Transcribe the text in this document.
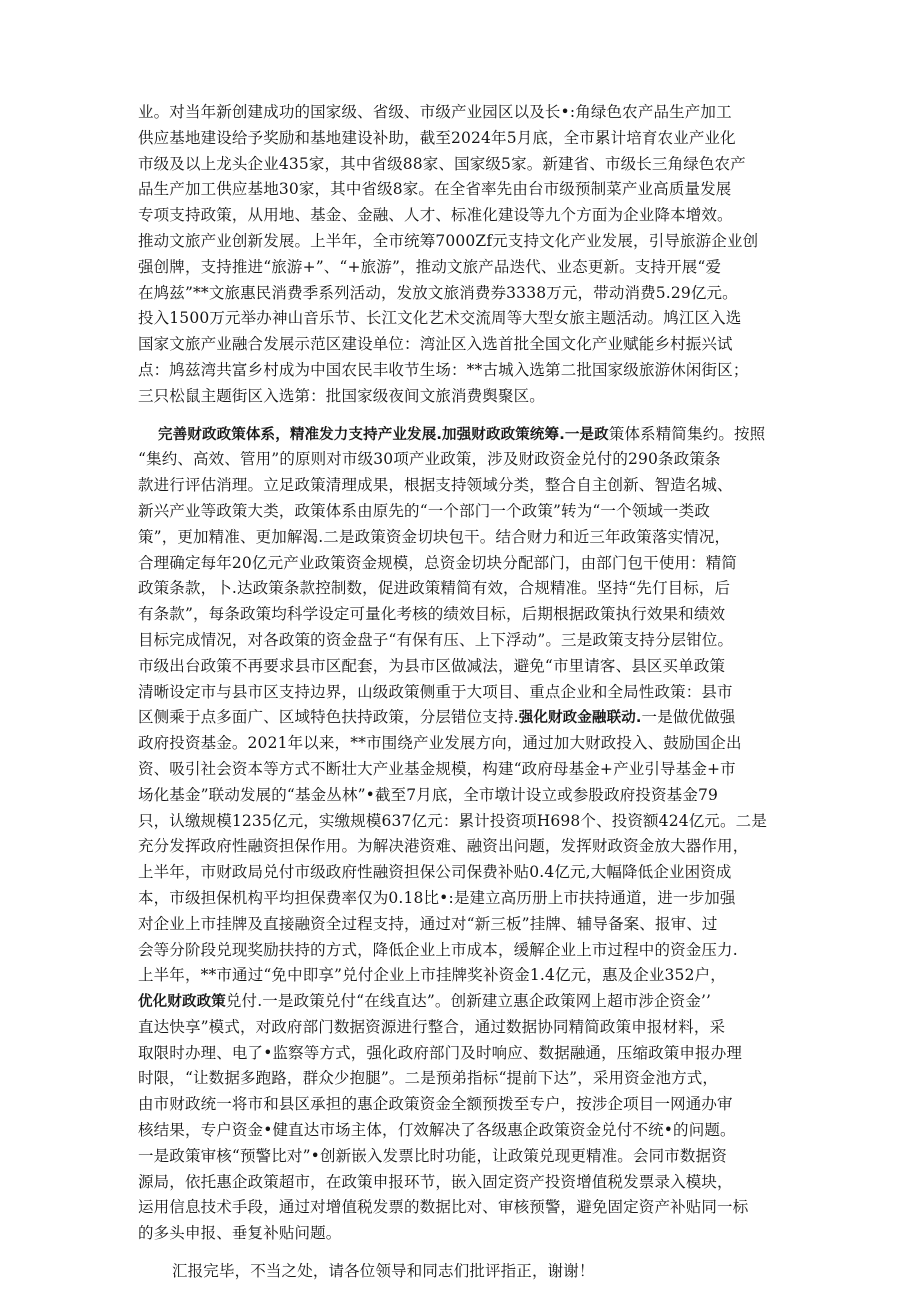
业。对当年新创建成功的国家级、省级、市级产业园区以及长•:角绿色农产品生产加工
供应基地建设给予奖励和基地建设补助，截至2024年5月底，全市累计培育农业产业化
市级及以上龙头企业435家，其中省级88家、国家级5家。新建省、市级长三角绿色农产
品生产加工供应基地30家，其中省级8家。在全省率先由台市级预制菜产业高质量发展
专项支持政策，从用地、基金、金融、人才、标准化建设等九个方面为企业降本增效。
推动文旅产业创新发展。上半年，全市统筹7000Zf元支持文化产业发展，引导旅游企业创
强创牌，支持推进“旅游+”、“+旅游”，推动文旅产品迭代、业态更新。支持开展“爱
在鸠兹”**文旅惠民消费季系列活动，发放文旅消费券3338万元，带动消费5.29亿元。
投入1500万元举办神山音乐节、长江文化艺术交流周等大型女旅主题活动。鸠江区入选
国家文旅产业融合发展示范区建设单位：湾沚区入选首批全国文化产业赋能乡村振兴试
点：鸠兹湾共富乡村成为中国农民丰收节生场：**古城入选第二批国家级旅游休闲街区；
三只松鼠主题街区入选第：批国家级夜间文旅消费舆聚区。
完善财政政策体系，精准发力支持产业发展.加强财政政策统筹.一是政策体系精简集约。按照
“集约、高效、管用”的原则对市级30项产业政策，涉及财政资金兑付的290条政策条
款进行评估消理。立足政策清理成果，根据支持领域分类，整合自主创新、智造名城、
新兴产业等政策大类，政策体系由原先的“一个部门一个政策”转为“一个领域一类政
策”，更加精准、更加解渴.二是政策资金切块包干。结合财力和近三年政策落实情况，
合理确定每年20亿元产业政策资金规模，总资金切块分配部门，由部门包干使用：精简
政策条款，卜.达政策条款控制数，促进政策精简有效，合规精准。坚持“先仃目标，后
有条款”，每条政策均科学设定可量化考核的绩效目标，后期根据政策执行效果和绩效
目标完成情况，对各政策的资金盘子“有保有压、上下浮动”。三是政策支持分层钳位。
市级出台政策不再要求县市区配套，为县市区做减法，避免“市里请客、县区买单政策
清晰设定市与县市区支持边界，山级政策侧重于大项目、重点企业和全局性政策：县市
区侧乘于点多面广、区域特色扶持政策，分层错位支持.强化财政金融联动.一是做优做强
政府投资基金。2021年以来，**市围绕产业发展方向，通过加大财政投入、鼓励国企出
资、吸引社会资本等方式不断壮大产业基金规模，构建“政府母基金+产业引导基金+市
场化基金”联动发展的“基金丛林”•截至7月底，全市墩计设立或参股政府投资基金79
只，认缴规模1235亿元，实缴规模637亿元：累计投资项H698个、投资额424亿元。二是
充分发挥政府性融资担保作用。为解决港资难、融资出问题，发挥财政资金放大器作用，
上半年，市财政局兑付市级政府性融资担保公司保费补贴0.4亿元,大幅降低企业困资成
本，市级担保机构平均担保费率仅为0.18比•:是建立高历册上市扶持通道，进一步加强
对企业上市挂牌及直接融资全过程支持，通过对“新三板”挂牌、辅导备案、报审、过
会等分阶段兑现奖励扶持的方式，降低企业上市成本，缓解企业上市过程中的资金压力.
上半年，**市通过“免中即享”兑付企业上市挂牌奖补资金1.4亿元，惠及企业352户，
优化财政政策兑付.一是政策兑付“在线直达”。创新建立惠企政策网上超市涉企资金’’
直达快享”模式，对政府部门数据资源进行整合，通过数据协同精简政策申报材料，采
取限时办理、电了•监察等方式，强化政府部门及时响应、数据融通，压缩政策申报办理
时限，“让数据多跑路，群众少抱腿”。二是预弟指标“提前下达”，采用资金池方式，
由市财政统一将市和县区承担的惠企政策资金全额预拨至专户，按涉企项目一网通办审
核结果，专户资金•健直达市场主体，仃效解决了各级惠企政策资金兑付不统•的问题。
一是政策审核“预警比对”•创新嵌入发票比时功能，让政策兑现更精准。会同市数据资
源局，依托惠企政策超市，在政策申报环节，嵌入固定资产投资增值税发票录入模块，
运用信息技术手段，通过对增值税发票的数据比对、审核预警，避免固定资产补贴同一标
的多头申报、垂复补贴问题。
汇报完毕，不当之处，请各位领导和同志们批评指正，谢谢！
